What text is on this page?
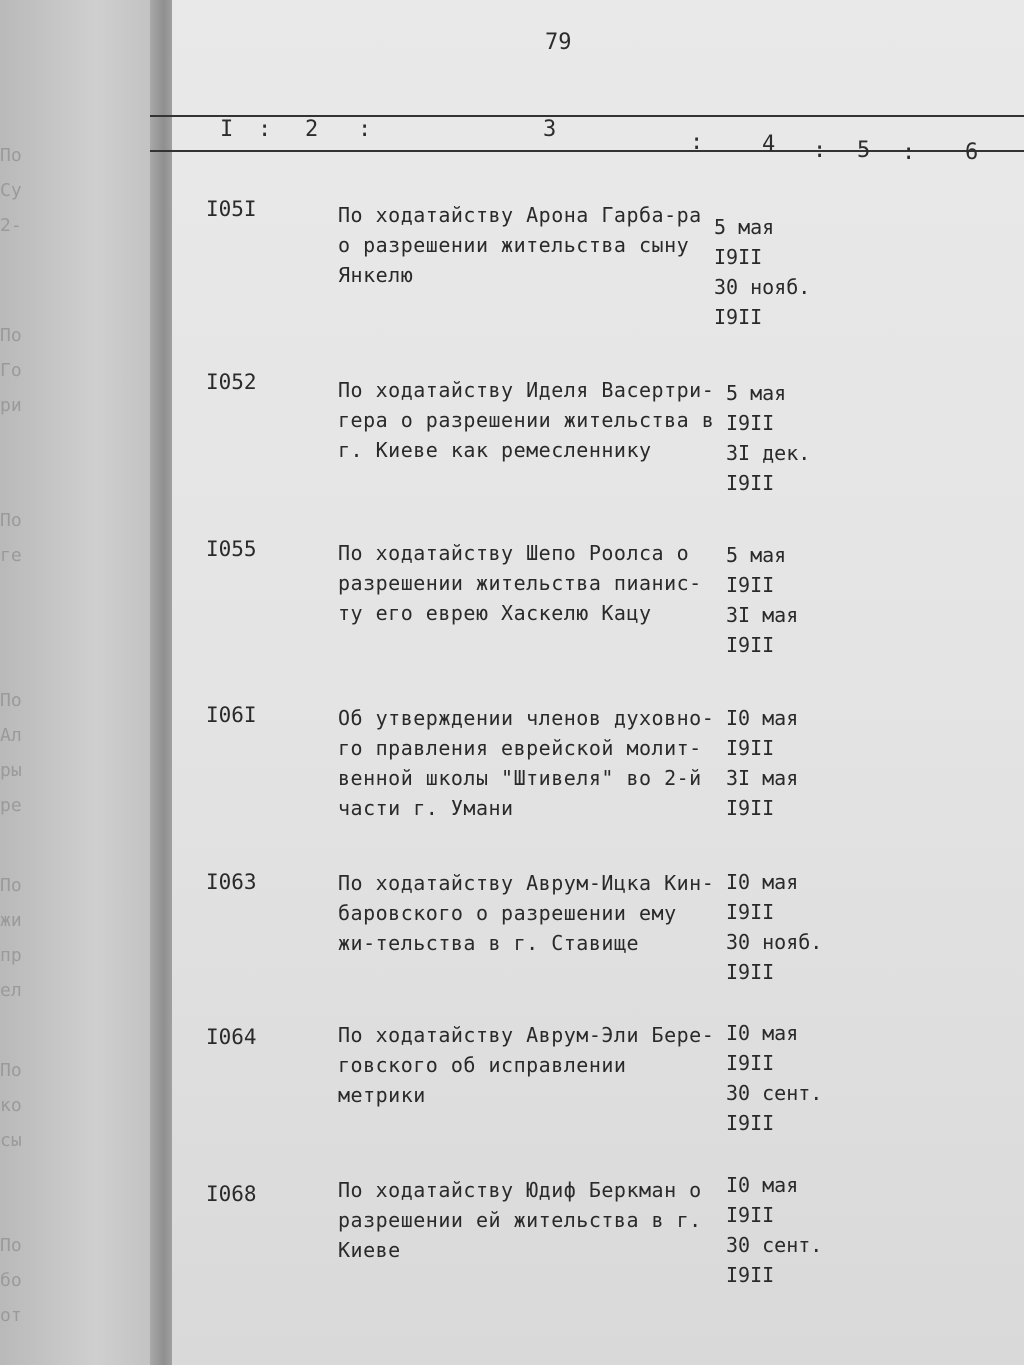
По
Су
2-
По
Го
ри
По
ге
По
Ал
ры
ре
По
жи
пр
ел
По
ко
сы
По
бо
от
79
I : 2 :	3
:	4 : 5 : 6
I05I	По ходатайству Арона Гарба-ра о разрешении жительства сыну Янкелю
5 мая
I9II
30 нояб.
I9II
I052	По ходатайству Иделя Васертри-гера о разрешении жительства в г. Киеве как ремесленнику
5 мая
I9II
3I дек.
I9II
I055	По ходатайству Шепо Роолса о разрешении жительства пианис-ту его еврею Хаскелю Кацу
5 мая
I9II
3I мая
I9II
I06I	Об утверждении членов духовно-го правления еврейской молит-венной школы "Штивеля" во 2-й части г. Умани
I0 мая
I9II
3I мая
I9II
I063	По ходатайству Аврум-Ицка Кин-баровского о разрешении ему жи-тельства в г. Ставище
I0 мая
I9II
30 нояб.
I9II
I064	По ходатайству Аврум-Эли Бере-говского об исправлении метрики
I0 мая
I9II
30 сент.
I9II
I068	По ходатайству Юдиф Беркман о разрешении ей жительства в г. Киеве
I0 мая
I9II
30 сент.
I9II
